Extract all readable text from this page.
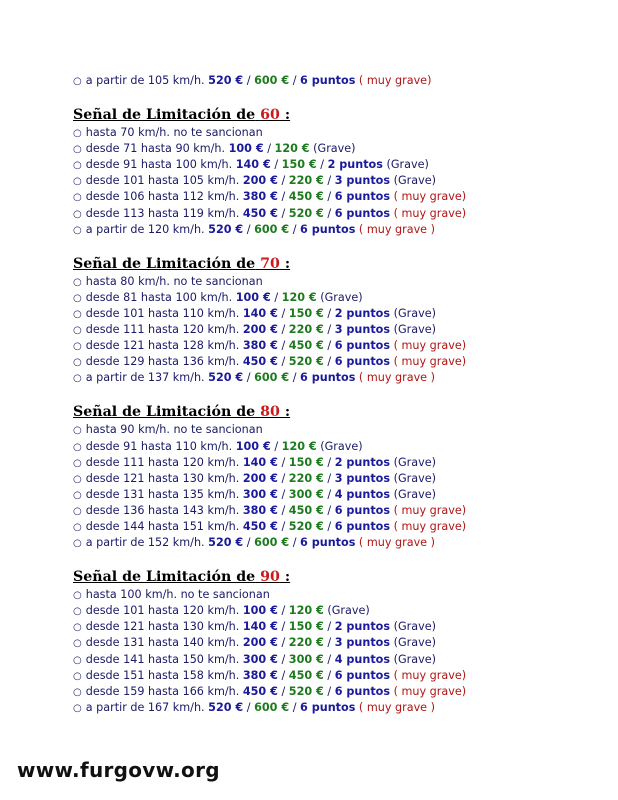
○ a partir de 105 km/h. 520 € / 600 € / 6 puntos ( muy grave)
Señal de Limitación de 60 :
○ hasta 70 km/h. no te sancionan
○ desde 71 hasta 90 km/h. 100 € / 120 € (Grave)
○ desde 91 hasta 100 km/h. 140 € / 150 € / 2 puntos (Grave)
○ desde 101 hasta 105 km/h. 200 € / 220 € / 3 puntos (Grave)
○ desde 106 hasta 112 km/h. 380 € / 450 € / 6 puntos ( muy grave)
○ desde 113 hasta 119 km/h. 450 € / 520 € / 6 puntos ( muy grave)
○ a partir de 120 km/h. 520 € / 600 € / 6 puntos ( muy grave )
Señal de Limitación de 70 :
○ hasta 80 km/h. no te sancionan
○ desde 81 hasta 100 km/h. 100 € / 120 € (Grave)
○ desde 101 hasta 110 km/h. 140 € / 150 € / 2 puntos (Grave)
○ desde 111 hasta 120 km/h. 200 € / 220 € / 3 puntos (Grave)
○ desde 121 hasta 128 km/h. 380 € / 450 € / 6 puntos ( muy grave)
○ desde 129 hasta 136 km/h. 450 € / 520 € / 6 puntos ( muy grave)
○ a partir de 137 km/h. 520 € / 600 € / 6 puntos ( muy grave )
Señal de Limitación de 80 :
○ hasta 90 km/h. no te sancionan
○ desde 91 hasta 110 km/h. 100 € / 120 € (Grave)
○ desde 111 hasta 120 km/h. 140 € / 150 € / 2 puntos (Grave)
○ desde 121 hasta 130 km/h. 200 € / 220 € / 3 puntos (Grave)
○ desde 131 hasta 135 km/h. 300 € / 300 € / 4 puntos (Grave)
○ desde 136 hasta 143 km/h. 380 € / 450 € / 6 puntos ( muy grave)
○ desde 144 hasta 151 km/h. 450 € / 520 € / 6 puntos ( muy grave)
○ a partir de 152 km/h. 520 € / 600 € / 6 puntos ( muy grave )
Señal de Limitación de 90 :
○ hasta 100 km/h. no te sancionan
○ desde 101 hasta 120 km/h. 100 € / 120 € (Grave)
○ desde 121 hasta 130 km/h. 140 € / 150 € / 2 puntos (Grave)
○ desde 131 hasta 140 km/h. 200 € / 220 € / 3 puntos (Grave)
○ desde 141 hasta 150 km/h. 300 € / 300 € / 4 puntos (Grave)
○ desde 151 hasta 158 km/h. 380 € / 450 € / 6 puntos ( muy grave)
○ desde 159 hasta 166 km/h. 450 € / 520 € / 6 puntos ( muy grave)
○ a partir de 167 km/h. 520 € / 600 € / 6 puntos ( muy grave )
www.furgovw.org
